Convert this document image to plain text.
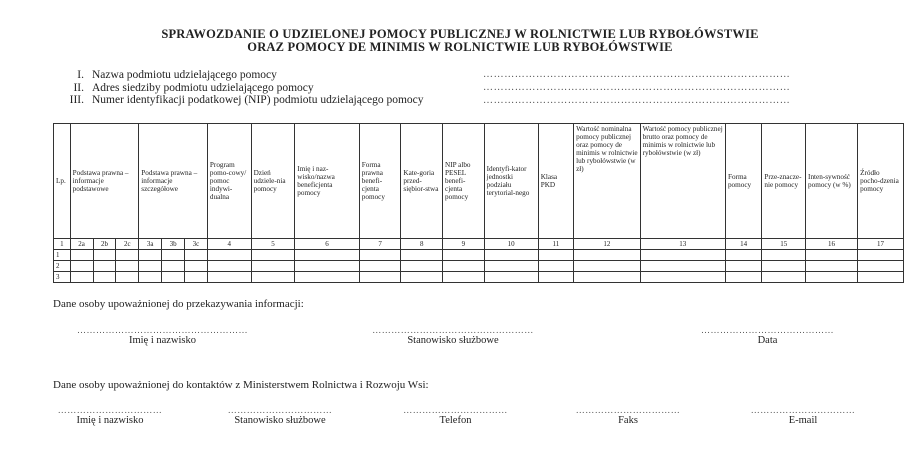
SPRAWOZDANIE O UDZIELONEJ POMOCY PUBLICZNEJ W ROLNICTWIE LUB RYBOŁÓWSTWIE
ORAZ POMOCY DE MINIMIS W ROLNICTWIE LUB RYBOŁÓWSTWIE
I. Nazwa podmiotu udzielającego pomocy
II. Adres siedziby podmiotu udzielającego pomocy
III. Numer identyfikacji podatkowej (NIP) podmiotu udzielającego pomocy
……………………………………………………………………………
……………………………………………………………………………
……………………………………………………………………………
Lp.	Podstawa prawna – informacje podstawowe			Podstawa prawna – informacje szczegółowe			Program pomo-cowy/ pomoc indywi-dualna	Dzień udziele-nia pomocy	Imię i naz-wisko/nazwa beneficjenta pomocy	Forma prawna benefi-cjenta pomocy	Kate-goria przed-siębior-stwa	NIP albo PESEL benefi-cjenta pomocy	Identyfi-kator jednostki podziału terytorial-nego	Klasa PKD	Wartość nominalna pomocy publicznej oraz pomocy de minimis w rolnictwie lub rybołówstwie (w zł)	Wartość pomocy publicznej brutto oraz pomocy de minimis w rolnictwie lub rybołówstwie (w zł)	Forma pomocy	Prze-znacze-nie pomocy	Inten-sywność pomocy (w %)	Źródło pocho-dzenia pomocy
1	2a	2b	2c	3a	3b	3c	4	5	6	7	8	9	10	11	12	13	14	15	16	17
1																				
2																				
3																				
Dane osoby upoważnionej do przekazywania informacji:
………………………………………………
Imię i nazwisko
……………………………………………
Stanowisko służbowe
……………………………………
Data
Dane osoby upoważnionej do kontaktów z Ministerstwem Rolnictwa i Rozwoju Wsi:
……………………………
Imię i nazwisko
……………………………
Stanowisko służbowe
……………………………
Telefon
……………………………
Faks
……………………………
E-mail
